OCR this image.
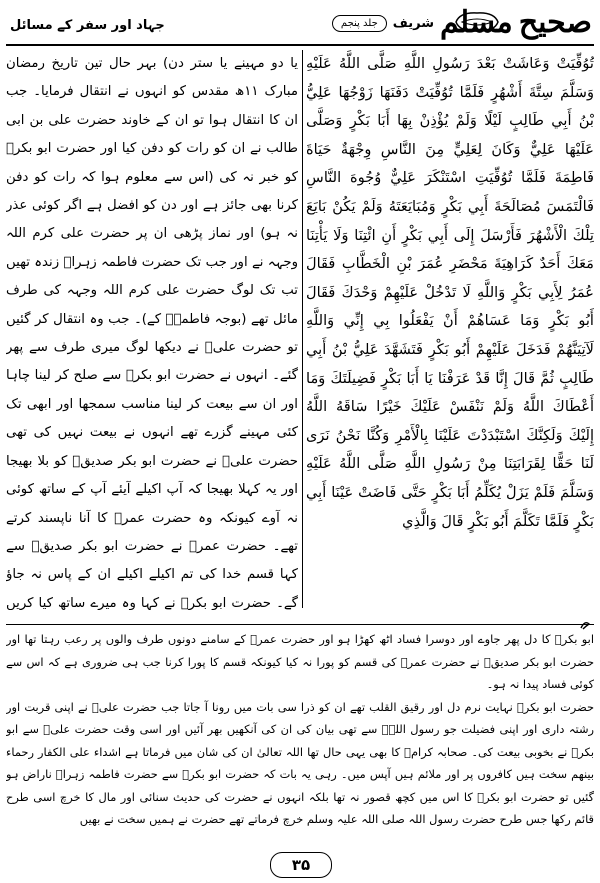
جہاد اور سفر کے مسائل	صحیح
مسلم
شریف
جلد پنجم

تُوُفِّيَتْ وَعَاشَتْ بَعْدَ رَسُولِ اللَّهِ صَلَّى اللَّهُ عَلَيْهِ وَسَلَّمَ سِتَّةَ أَشْهُرٍ فَلَمَّا تُوُفِّيَتْ دَفَنَهَا زَوْجُهَا عَلِيُّ بْنُ أَبِي طَالِبٍ لَيْلًا وَلَمْ يُؤْذِنْ بِهَا أَبَا بَكْرٍ وَصَلَّى عَلَيْهَا عَلِيٌّ وَكَانَ لِعَلِيٍّ مِنَ النَّاسِ وِجْهَةٌ حَيَاةَ فَاطِمَةَ فَلَمَّا تُوُفِّيَتِ اسْتَنْكَرَ عَلِيٌّ وُجُوهَ النَّاسِ فَالْتَمَسَ مُصَالَحَةَ أَبِي بَكْرٍ وَمُبَايَعَتَهُ وَلَمْ يَكُنْ بَايَعَ تِلْكَ الْأَشْهُرَ فَأَرْسَلَ إِلَى أَبِي بَكْرٍ أَنِ ائْتِنَا وَلَا يَأْتِنَا مَعَكَ أَحَدٌ كَرَاهِيَةَ مَحْضَرِ عُمَرَ بْنِ الْخَطَّابِ فَقَالَ عُمَرُ لِأَبِي بَكْرٍ وَاللَّهِ لَا تَدْخُلْ عَلَيْهِمْ وَحْدَكَ فَقَالَ أَبُو بَكْرٍ وَمَا عَسَاهُمْ أَنْ يَفْعَلُوا بِي إِنِّي وَاللَّهِ لَآتِيَنَّهُمْ فَدَخَلَ عَلَيْهِمْ أَبُو بَكْرٍ فَتَشَهَّدَ عَلِيُّ بْنُ أَبِي طَالِبٍ ثُمَّ قَالَ إِنَّا قَدْ عَرَفْنَا يَا أَبَا بَكْرٍ فَضِيلَتَكَ وَمَا أَعْطَاكَ اللَّهُ وَلَمْ نَنْفَسْ عَلَيْكَ خَيْرًا سَاقَهُ اللَّهُ إِلَيْكَ وَلَكِنَّكَ اسْتَبْدَدْتَ عَلَيْنَا بِالْأَمْرِ وَكُنَّا نَحْنُ نَرَى لَنَا حَقًّا لِقَرَابَتِنَا مِنْ رَسُولِ اللَّهِ صَلَّى اللَّهُ عَلَيْهِ وَسَلَّمَ فَلَمْ يَزَلْ يُكَلِّمُ أَبَا بَكْرٍ حَتَّى فَاضَتْ عَيْنَا أَبِي بَكْرٍ فَلَمَّا تَكَلَّمَ أَبُو بَكْرٍ قَالَ وَالَّذِي

یا دو مہینے یا ستر دن) بہر حال تین تاریخ رمضان مبارک ۱۱ھ مقدس کو انہوں نے انتقال فرمایا۔ جب ان کا انتقال ہوا تو ان کے خاوند حضرت علی بن ابی طالب نے ان کو رات کو دفن کیا اور حضرت ابو بکرؓ کو خبر نہ کی (اس سے معلوم ہوا کہ رات کو دفن کرنا بھی جائز ہے اور دن کو افضل ہے اگر کوئی عذر نہ ہو) اور نماز پڑھی ان پر حضرت علی کرم اللہ وجہہ نے اور جب تک حضرت فاطمہ زہراؓ زندہ تھیں تب تک لوگ حضرت علی کرم اللہ وجہہ کی طرف مائل تھے (بوجہ فاطمہؓ کے)۔ جب وہ انتقال کر گئیں تو حضرت علیؓ نے دیکھا لوگ میری طرف سے پھر گئے۔ انہوں نے حضرت ابو بکرؓ سے صلح کر لینا چاہا اور ان سے بیعت کر لینا مناسب سمجھا اور ابھی تک کئی مہینے گزرے تھے انہوں نے بیعت نہیں کی تھی حضرت علیؓ نے حضرت ابو بکر صدیقؓ کو بلا بھیجا اور یہ کہلا بھیجا کہ آپ اکیلے آیئے آپ کے ساتھ کوئی نہ آوے کیونکہ وہ حضرت عمرؓ کا آنا ناپسند کرتے تھے۔ حضرت عمرؓ نے حضرت ابو بکر صدیقؓ سے کہا قسم خدا کی تم اکیلے اکیلے ان کے پاس نہ جاؤ گے۔ حضرت ابو بکرؓ نے کہا وہ میرے ساتھ کیا کریں

ابو بکرؓ کا دل پھر جاوے اور دوسرا فساد اٹھ کھڑا ہو اور حضرت عمرؓ کے سامنے دونوں طرف والوں پر رعب رہتا تھا اور حضرت ابو بکر صدیقؓ نے حضرت عمرؓ کی قسم کو پورا نہ کیا کیونکہ قسم کا پورا کرنا جب ہی ضروری ہے کہ اس سے کوئی فساد پیدا نہ ہو۔

حضرت ابو بکرؓ نہایت نرم دل اور رقیق القلب تھے ان کو ذرا سی بات میں رونا آ جاتا جب حضرت علیؓ نے اپنی قربت اور رشتہ داری اور اپنی فضیلت جو رسول اللہؐ سے تھی بیان کی ان کی آنکھیں بھر آئیں اور اسی وقت حضرت علیؓ سے ابو بکرؓ نے بخوبی بیعت کی۔ صحابہ کرامؓ کا بھی یہی حال تھا اللہ تعالیٰ ان کی شان میں فرماتا ہے اشداء علی الکفار رحماء بینھم سخت ہیں کافروں پر اور ملائم ہیں آپس میں۔ رہی یہ بات کہ حضرت ابو بکرؓ سے حضرت فاطمہ زہراؓ ناراض ہو گئیں تو حضرت ابو بکرؓ کا اس میں کچھ قصور نہ تھا بلکہ انہوں نے حضرت کی حدیث سنائی اور مال کا خرچ اسی طرح قائم رکھا جس طرح حضرت رسول اللہ صلی اللہ علیہ وسلم خرچ فرماتے تھے حضرت نے ہمیں سخت نے بھیں

۳۵
